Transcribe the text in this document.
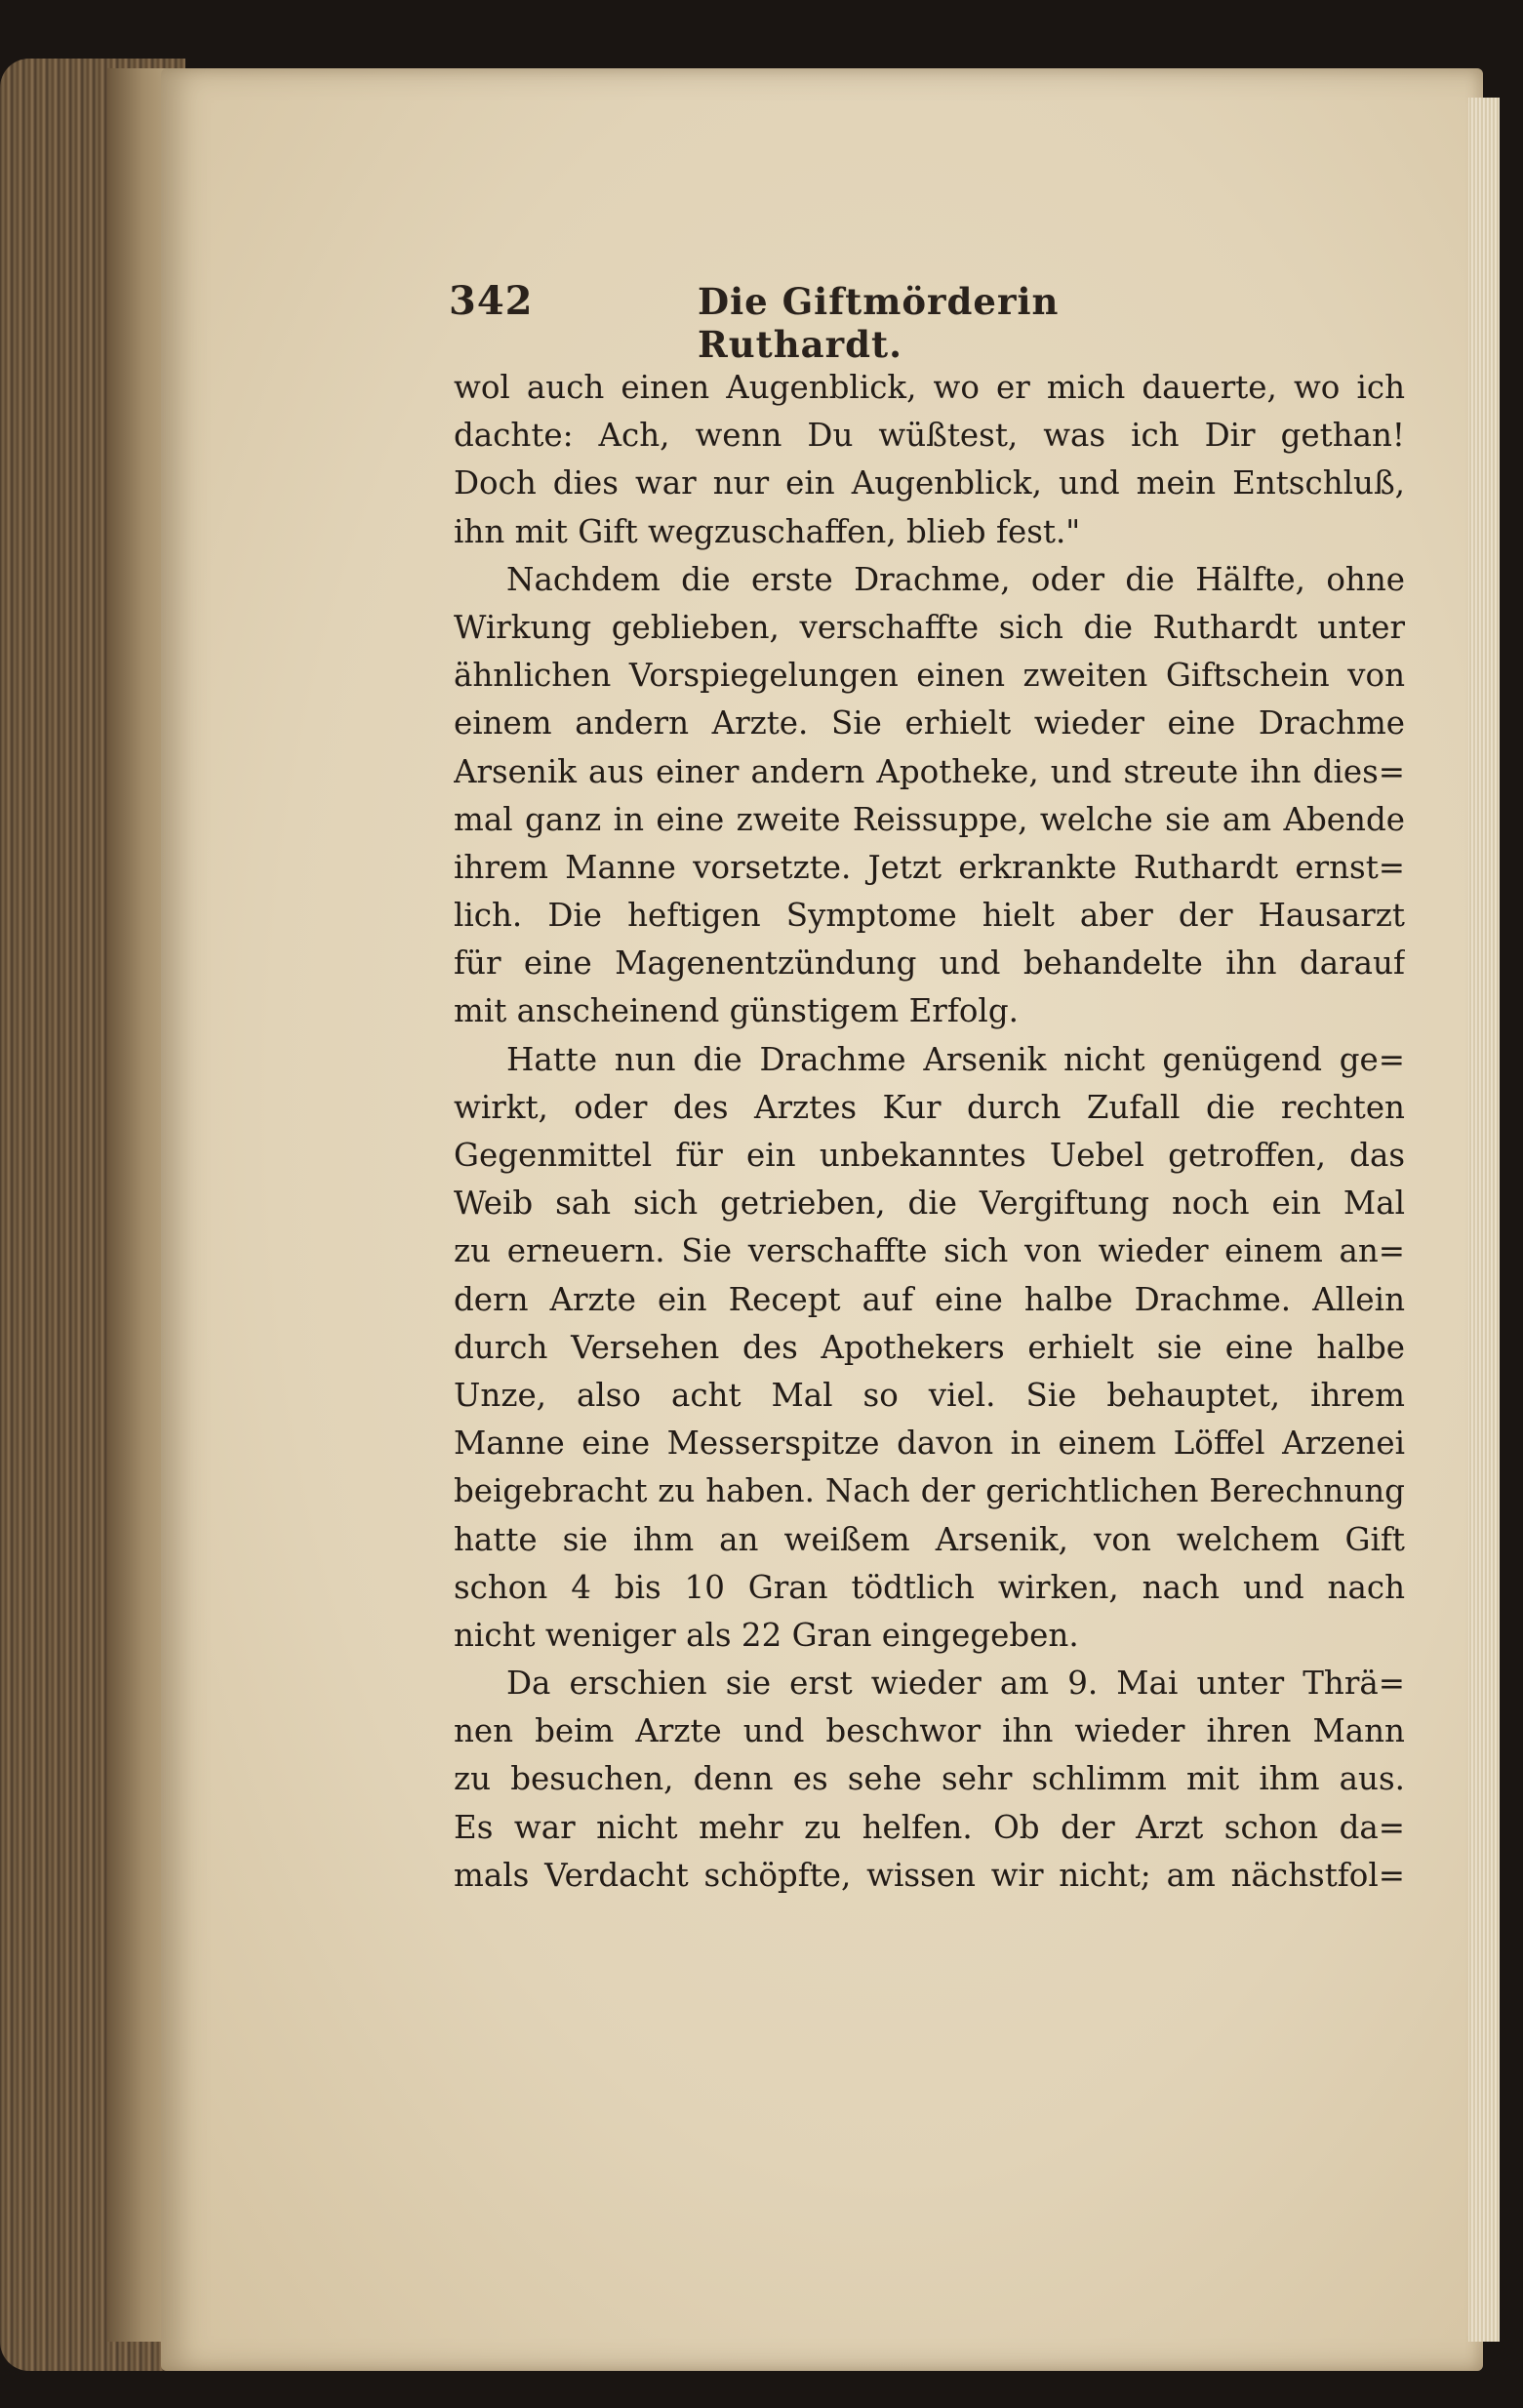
342	Die Giftmörderin Ruthardt.
wol auch einen Augenblick, wo er mich dauerte, wo ich
dachte: Ach, wenn Du wüßtest, was ich Dir gethan!
Doch dies war nur ein Augenblick, und mein Entschluß,
ihn mit Gift wegzuschaffen, blieb fest."
Nachdem die erste Drachme, oder die Hälfte, ohne
Wirkung geblieben, verschaffte sich die Ruthardt unter
ähnlichen Vorspiegelungen einen zweiten Giftschein von
einem andern Arzte. Sie erhielt wieder eine Drachme
Arsenik aus einer andern Apotheke, und streute ihn dies=
mal ganz in eine zweite Reissuppe, welche sie am Abende
ihrem Manne vorsetzte. Jetzt erkrankte Ruthardt ernst=
lich. Die heftigen Symptome hielt aber der Hausarzt
für eine Magenentzündung und behandelte ihn darauf
mit anscheinend günstigem Erfolg.
Hatte nun die Drachme Arsenik nicht genügend ge=
wirkt, oder des Arztes Kur durch Zufall die rechten
Gegenmittel für ein unbekanntes Uebel getroffen, das
Weib sah sich getrieben, die Vergiftung noch ein Mal
zu erneuern. Sie verschaffte sich von wieder einem an=
dern Arzte ein Recept auf eine halbe Drachme. Allein
durch Versehen des Apothekers erhielt sie eine halbe
Unze, also acht Mal so viel. Sie behauptet, ihrem
Manne eine Messerspitze davon in einem Löffel Arzenei
beigebracht zu haben. Nach der gerichtlichen Berechnung
hatte sie ihm an weißem Arsenik, von welchem Gift
schon 4 bis 10 Gran tödtlich wirken, nach und nach
nicht weniger als 22 Gran eingegeben.
Da erschien sie erst wieder am 9. Mai unter Thrä=
nen beim Arzte und beschwor ihn wieder ihren Mann
zu besuchen, denn es sehe sehr schlimm mit ihm aus.
Es war nicht mehr zu helfen. Ob der Arzt schon da=
mals Verdacht schöpfte, wissen wir nicht; am nächstfol=
